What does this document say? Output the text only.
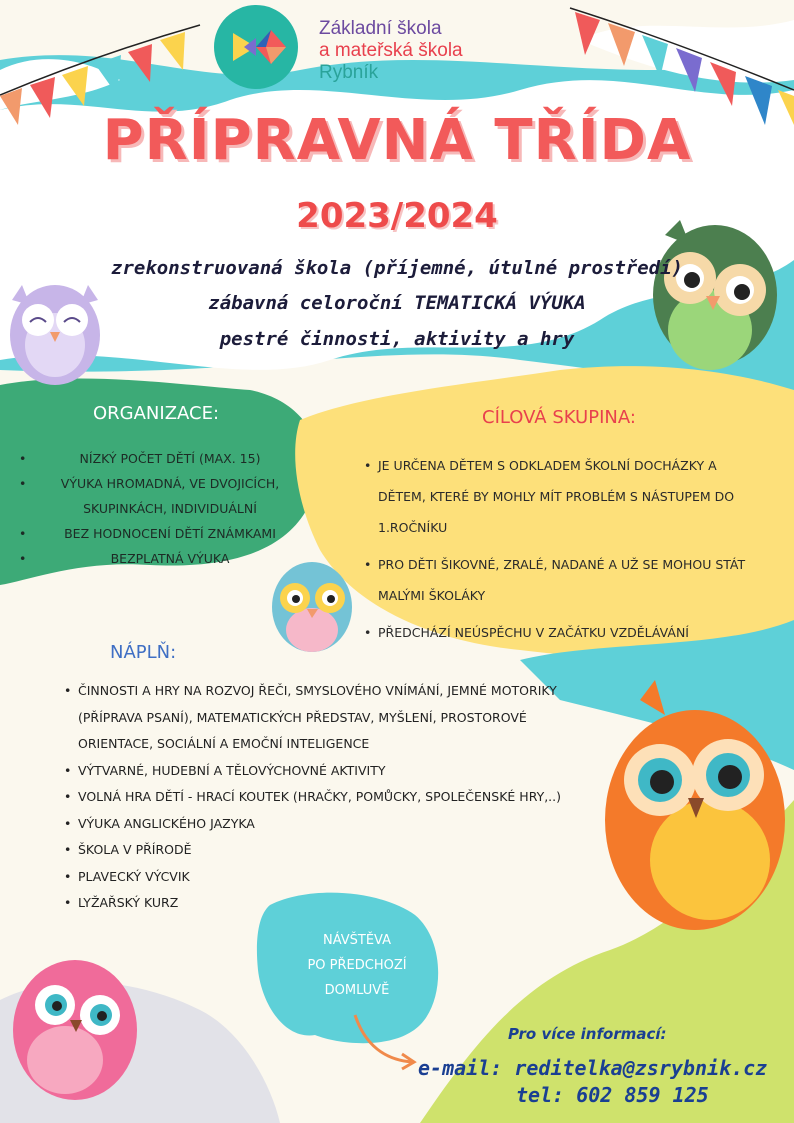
Základní škola
a mateřská škola
Rybník
PŘÍPRAVNÁ TŘÍDA
2023/2024
zrekonstruovaná škola (příjemné, útulné prostředí)
zábavná celoroční TEMATICKÁ VÝUKA
pestré činnosti, aktivity a hry
ORGANIZACE:
• NÍZKÝ POČET DĚTÍ (MAX. 15)
• VÝUKA HROMADNÁ, VE DVOJICÍCH,
SKUPINKÁCH, INDIVIDUÁLNÍ
• BEZ HODNOCENÍ DĚTÍ ZNÁMKAMI
• BEZPLATNÁ VÝUKA
CÍLOVÁ SKUPINA:
• JE URČENA DĚTEM S ODKLADEM ŠKOLNÍ DOCHÁZKY A DĚTEM, KTERÉ BY MOHLY MÍT PROBLÉM S NÁSTUPEM DO 1.ROČNÍKU
• PRO DĚTI ŠIKOVNÉ, ZRALÉ, NADANÉ A UŽ SE MOHOU STÁT MALÝMI ŠKOLÁKY
• PŘEDCHÁZÍ NEÚSPĚCHU V ZAČÁTKU VZDĚLÁVÁNÍ
NÁPLŇ:
• ČINNOSTI A HRY NA ROZVOJ ŘEČI, SMYSLOVÉHO VNÍMÁNÍ, JEMNÉ MOTORIKY (PŘÍPRAVA PSANÍ), MATEMATICKÝCH PŘEDSTAV, MYŠLENÍ, PROSTOROVÉ ORIENTACE, SOCIÁLNÍ A EMOČNÍ INTELIGENCE
• VÝTVARNÉ, HUDEBNÍ A TĚLOVÝCHOVNÉ AKTIVITY
• VOLNÁ HRA DĚTÍ - HRACÍ KOUTEK (HRAČKY, POMŮCKY, SPOLEČENSKÉ HRY,..)
• VÝUKA ANGLICKÉHO JAZYKA
• ŠKOLA V PŘÍRODĚ
• PLAVECKÝ VÝCVIK
• LYŽAŘSKÝ KURZ
NÁVŠTĚVA
PO PŘEDCHOZÍ
DOMLUVĚ
Pro více informací:
e-mail: reditelka@zsrybnik.cz
tel: 602 859 125
